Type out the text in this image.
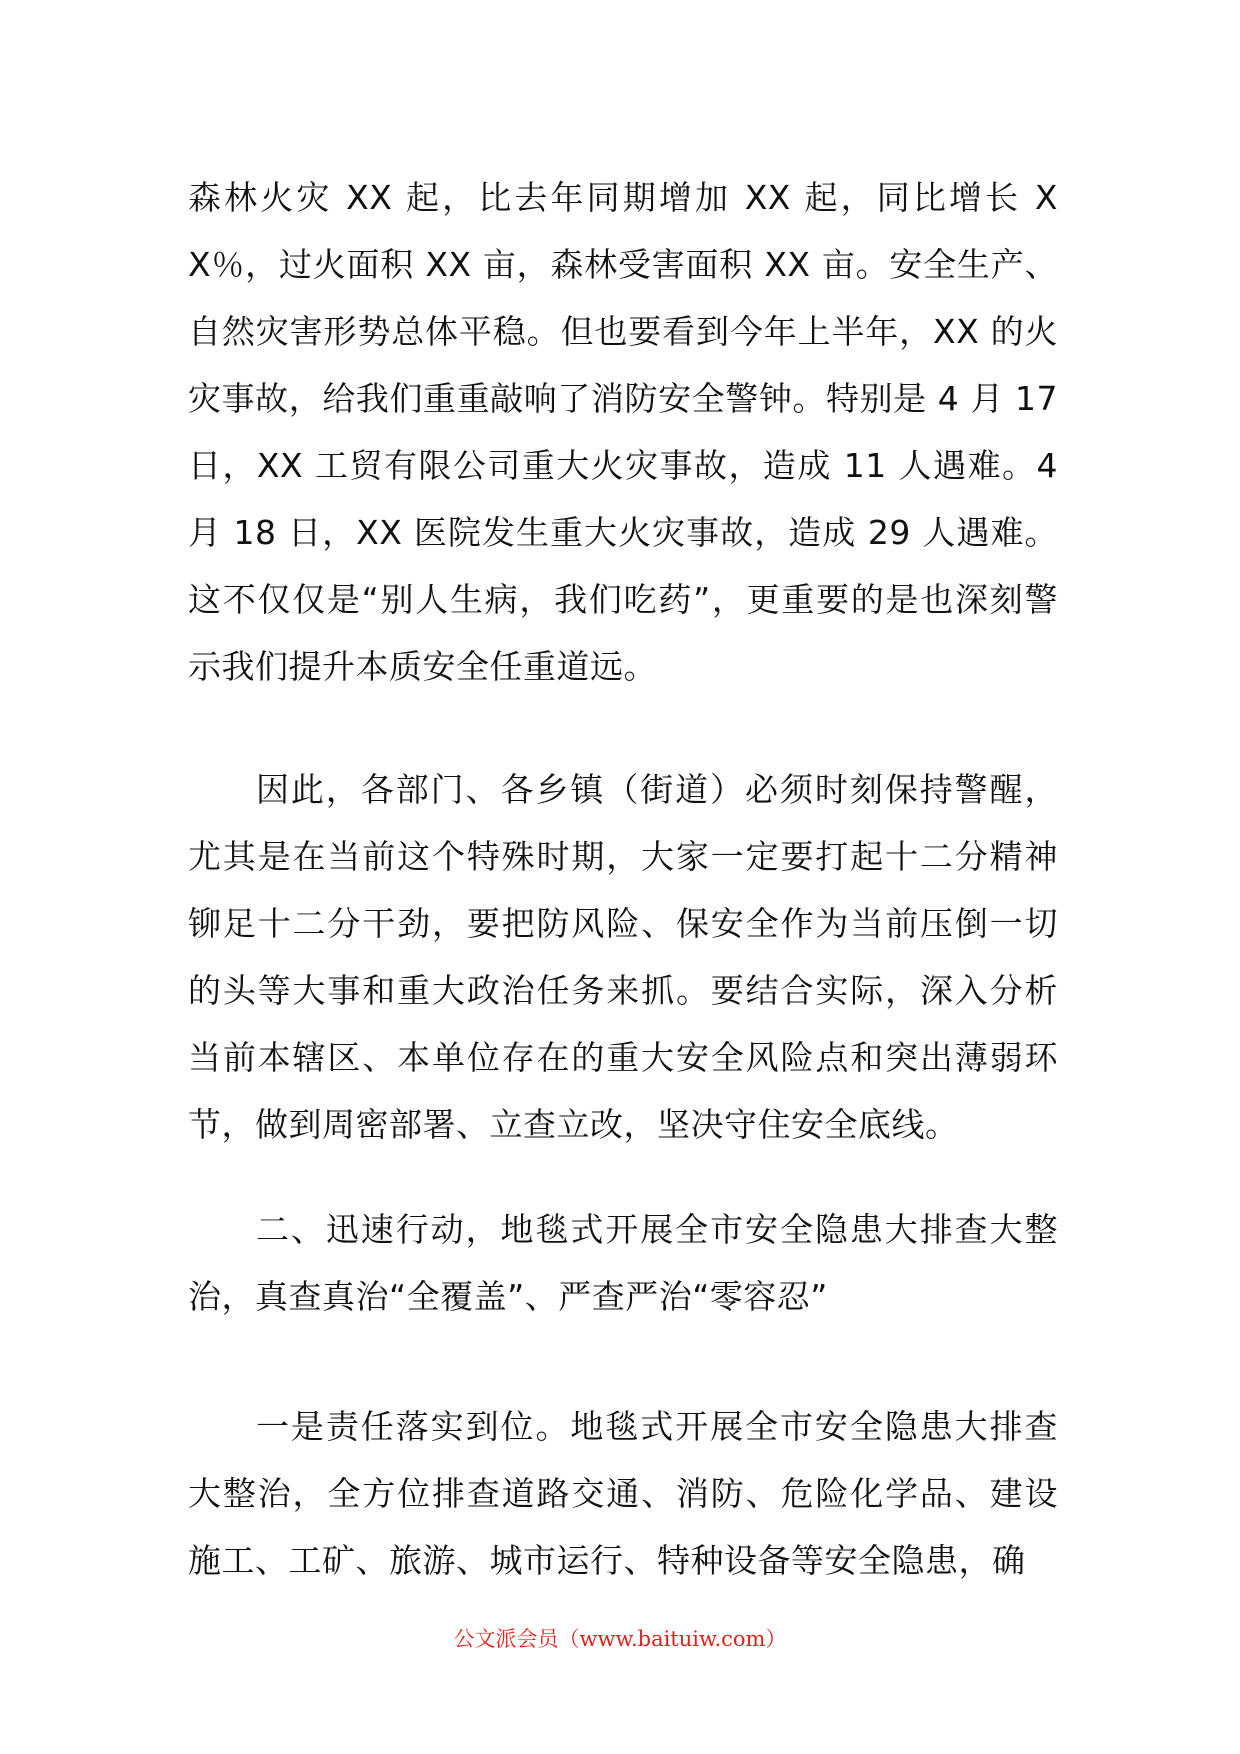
森林火灾 XX 起，比去年同期增加 XX 起，同比增长 XX％，过火面积 XX 亩，森林受害面积 XX 亩。安全生产、自然灾害形势总体平稳。但也要看到今年上半年，XX 的火灾事故，给我们重重敲响了消防安全警钟。特别是 4 月 17 日，XX 工贸有限公司重大火灾事故，造成 11 人遇难。4 月 18 日，XX 医院发生重大火灾事故，造成 29 人遇难。这不仅仅是“别人生病，我们吃药”，更重要的是也深刻警示我们提升本质安全任重道远。

因此，各部门、各乡镇（街道）必须时刻保持警醒，尤其是在当前这个特殊时期，大家一定要打起十二分精神铆足十二分干劲，要把防风险、保安全作为当前压倒一切的头等大事和重大政治任务来抓。要结合实际，深入分析当前本辖区、本单位存在的重大安全风险点和突出薄弱环节，做到周密部署、立查立改，坚决守住安全底线。

二、迅速行动，地毯式开展全市安全隐患大排查大整治，真查真治“全覆盖”、严查严治“零容忍”

一是责任落实到位。地毯式开展全市安全隐患大排查大整治，全方位排查道路交通、消防、危险化学品、建设施工、工矿、旅游、城市运行、特种设备等安全隐患，确

公文派会员（www.baituiw.com）
